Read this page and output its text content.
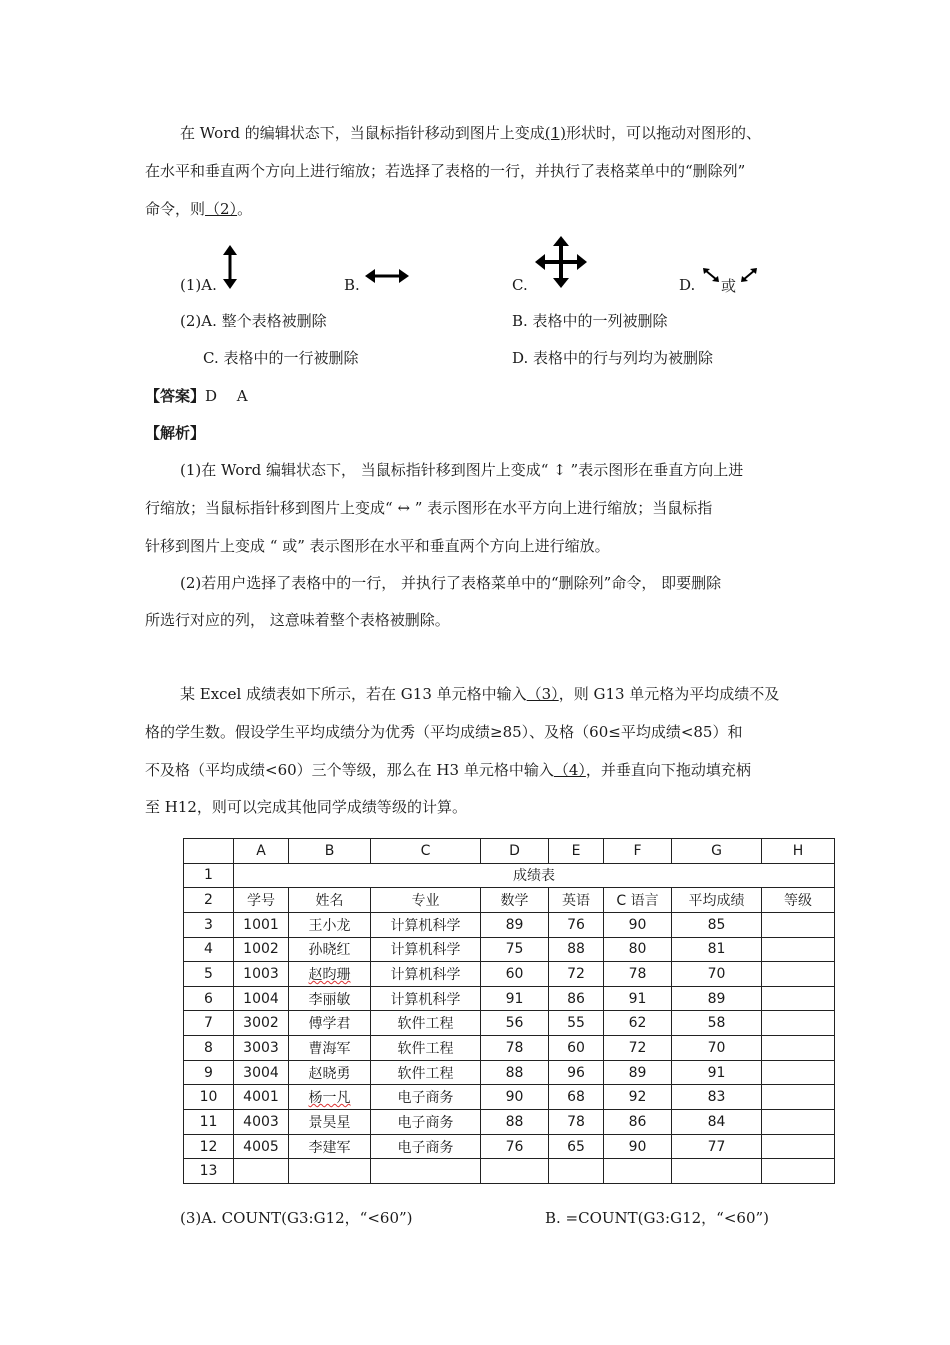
在 Word 的编辑状态下，当鼠标指针移动到图片上变成(1)形状时，可以拖动对图形的、
在水平和垂直两个方向上进行缩放；若选择了表格的一行，并执行了表格菜单中的“删除列”
命令，则（2）。
(1)A.	B.	C.	D. 或
(2)A. 整个表格被删除	B. 表格中的一列被删除
C. 表格中的一行被删除	D. 表格中的行与列均为被删除
【答案】D　 A
【解析】
(1)在 Word 编辑状态下， 当鼠标指针移到图片上变成“ ↕ ”表示图形在垂直方向上进
行缩放；当鼠标指针移到图片上变成“ ↔ ” 表示图形在水平方向上进行缩放；当鼠标指
针移到图片上变成 “ 或” 表示图形在水平和垂直两个方向上进行缩放。
(2)若用户选择了表格中的一行， 并执行了表格菜单中的“删除列”命令， 即要删除
所选行对应的列， 这意味着整个表格被删除。
某 Excel 成绩表如下所示，若在 G13 单元格中输入（3），则 G13 单元格为平均成绩不及
格的学生数。假设学生平均成绩分为优秀（平均成绩≥85）、及格（60≤平均成绩<85）和
不及格（平均成绩<60）三个等级，那么在 H3 单元格中输入（4），并垂直向下拖动填充柄
至 H12，则可以完成其他同学成绩等级的计算。
	A	B	C	D	E	F	G	H
1	成绩表							
2	学号	姓名	专业	数学	英语	C 语言	平均成绩	等级
3	1001	王小龙	计算机科学	89	76	90	85	
4	1002	孙晓红	计算机科学	75	88	80	81	
5	1003	赵昀珊	计算机科学	60	72	78	70	
6	1004	李丽敏	计算机科学	91	86	91	89	
7	3002	傅学君	软件工程	56	55	62	58	
8	3003	曹海军	软件工程	78	60	72	70	
9	3004	赵晓勇	软件工程	88	96	89	91	
10	4001	杨一凡	电子商务	90	68	92	83	
11	4003	景昊星	电子商务	88	78	86	84	
12	4005	李建军	电子商务	76	65	90	77	
13								
(3)A. COUNT(G3:G12，“<60”)	B. =COUNT(G3:G12，“<60”)
